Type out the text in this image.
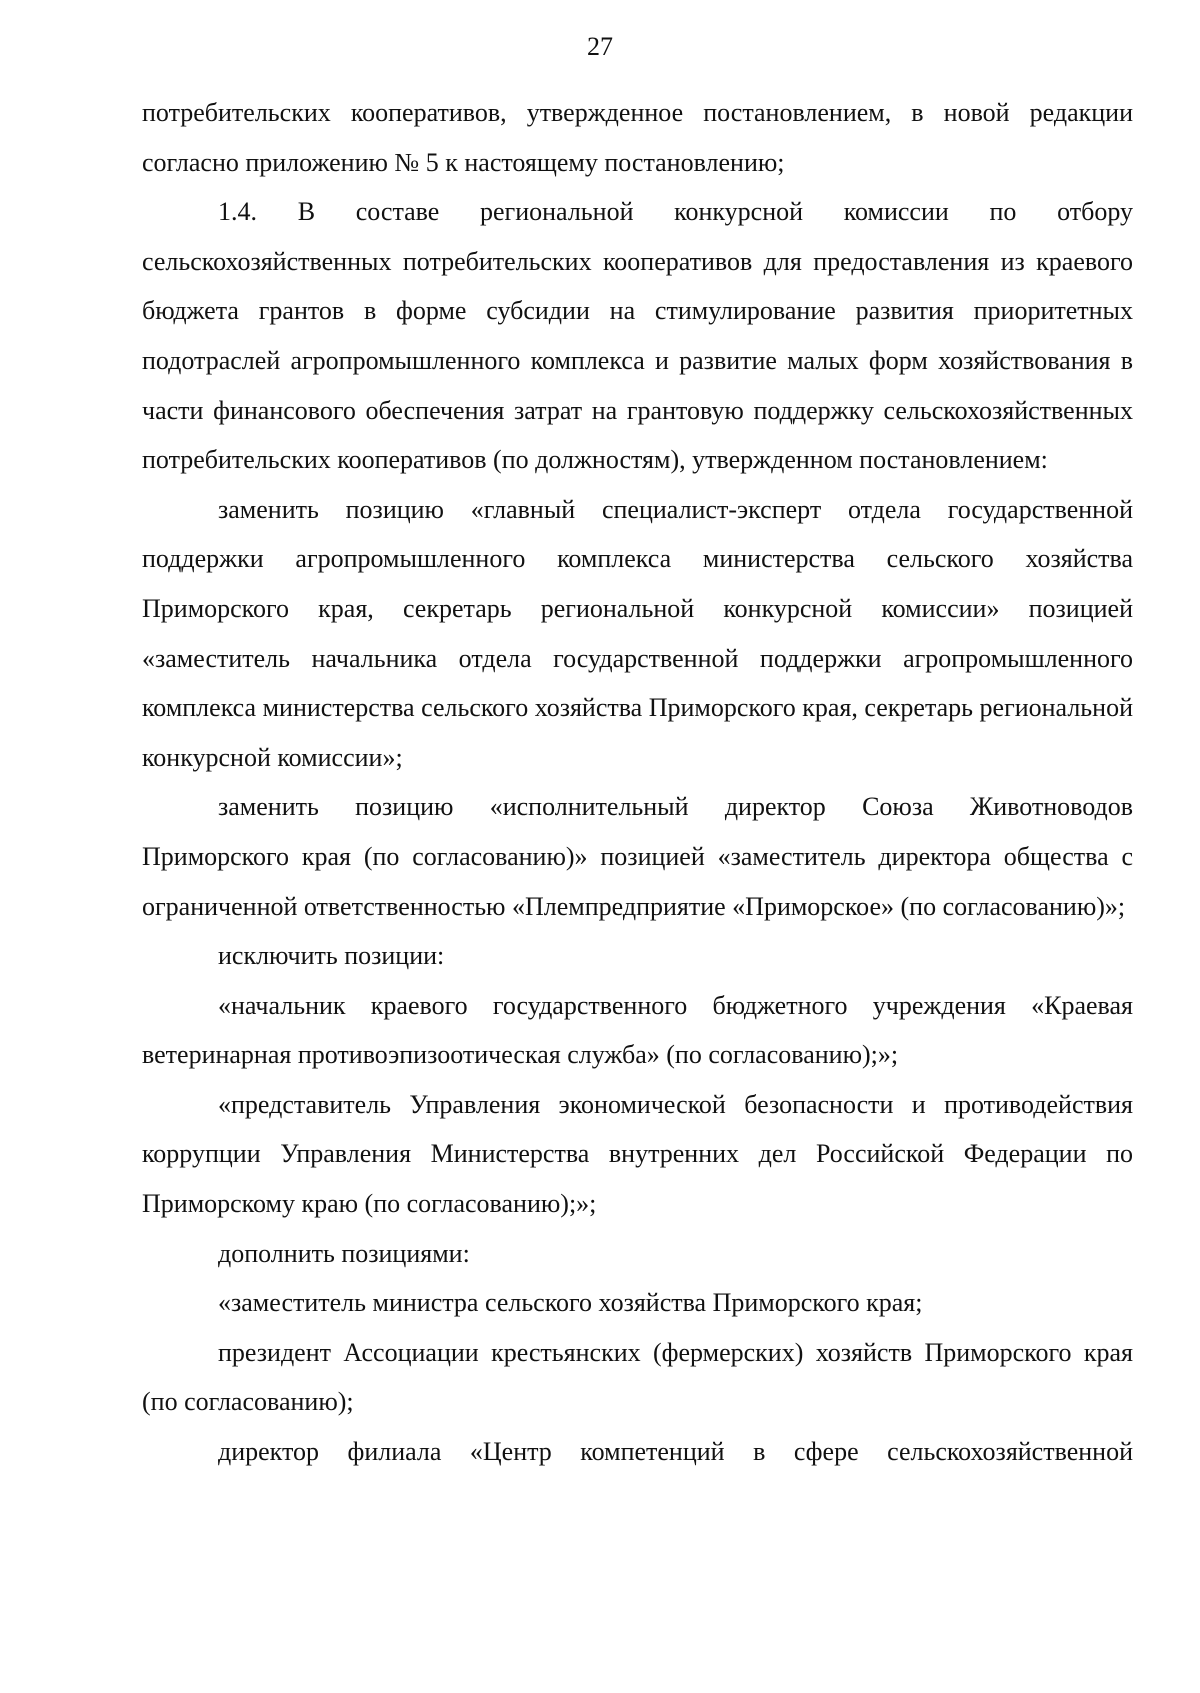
27

потребительских кооперативов, утвержденное постановлением, в новой редакции согласно приложению № 5 к настоящему постановлению;

1.4. В составе региональной конкурсной комиссии по отбору сельскохозяйственных потребительских кооперативов для предоставления из краевого бюджета грантов в форме субсидии на стимулирование развития приоритетных подотраслей агропромышленного комплекса и развитие малых форм хозяйствования в части финансового обеспечения затрат на грантовую поддержку сельскохозяйственных потребительских кооперативов (по должностям), утвержденном постановлением:

заменить позицию «главный специалист-эксперт отдела государственной поддержки агропромышленного комплекса министерства сельского хозяйства Приморского края, секретарь региональной конкурсной комиссии» позицией «заместитель начальника отдела государственной поддержки агропромышленного комплекса министерства сельского хозяйства Приморского края, секретарь региональной конкурсной комиссии»;

заменить позицию «исполнительный директор Союза Животноводов Приморского края (по согласованию)» позицией «заместитель директора общества с ограниченной ответственностью «Племпредприятие «Приморское» (по согласованию)»;

исключить позиции:

«начальник краевого государственного бюджетного учреждения «Краевая ветеринарная противоэпизоотическая служба» (по согласованию);»;

«представитель Управления экономической безопасности и противодействия коррупции Управления Министерства внутренних дел Российской Федерации по Приморскому краю (по согласованию);»;

дополнить позициями:

«заместитель министра сельского хозяйства Приморского края;

президент Ассоциации крестьянских (фермерских) хозяйств Приморского края (по согласованию);

директор филиала «Центр компетенций в сфере сельскохозяйственной
